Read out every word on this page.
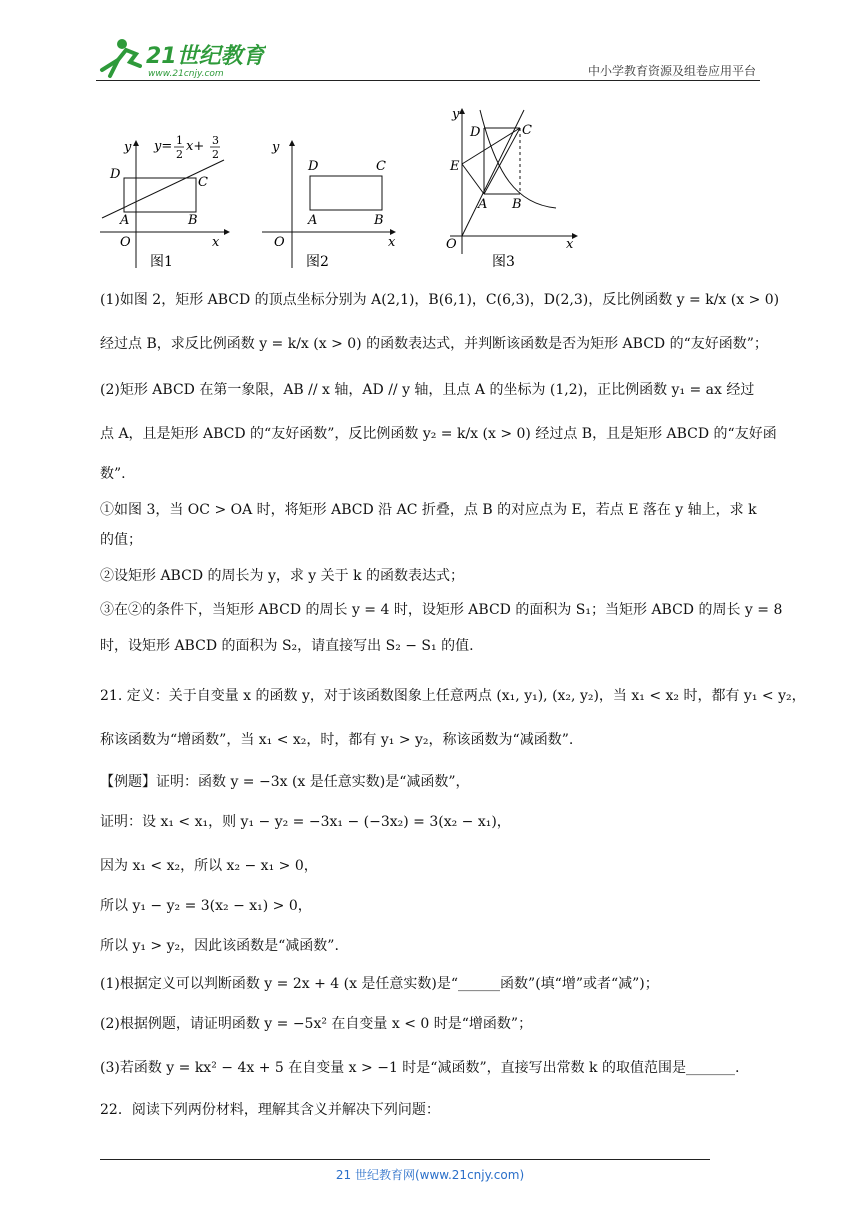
21世纪教育
www.21cnjy.com	中小学教育资源及组卷应用平台
y
x
O
D
A	B
C
y= 1
2
x+ 3
2
图1
y
x
O
D	C
A	B
图2
y
x
O
D	C
E
A B
图3
(1)如图 2，矩形 ABCD 的顶点坐标分别为 A(2,1)，B(6,1)，C(6,3)，D(2,3)，反比例函数 y = k/x (x > 0)
经过点 B，求反比例函数 y = k/x (x > 0) 的函数表达式，并判断该函数是否为矩形 ABCD 的“友好函数”；
(2)矩形 ABCD 在第一象限，AB // x 轴，AD // y 轴，且点 A 的坐标为 (1,2)，正比例函数 y₁ = ax 经过
点 A，且是矩形 ABCD 的“友好函数”，反比例函数 y₂ = k/x (x > 0) 经过点 B，且是矩形 ABCD 的“友好函
数”.
①如图 3，当 OC > OA 时，将矩形 ABCD 沿 AC 折叠，点 B 的对应点为 E，若点 E 落在 y 轴上，求 k
的值；
②设矩形 ABCD 的周长为 y，求 y 关于 k 的函数表达式；
③在②的条件下，当矩形 ABCD 的周长 y = 4 时，设矩形 ABCD 的面积为 S₁；当矩形 ABCD 的周长 y = 8
时，设矩形 ABCD 的面积为 S₂，请直接写出 S₂ − S₁ 的值.
21. 定义：关于自变量 x 的函数 y，对于该函数图象上任意两点 (x₁, y₁), (x₂, y₂)，当 x₁ < x₂ 时，都有 y₁ < y₂，
称该函数为“增函数”，当 x₁ < x₂，时，都有 y₁ > y₂，称该函数为“减函数”.
【例题】证明：函数 y = −3x (x 是任意实数)是“减函数”，
证明：设 x₁ < x₁，则 y₁ − y₂ = −3x₁ − (−3x₂) = 3(x₂ − x₁)，
因为 x₁ < x₂，所以 x₂ − x₁ > 0，
所以 y₁ − y₂ = 3(x₂ − x₁) > 0，
所以 y₁ > y₂，因此该函数是“减函数”.
(1)根据定义可以判断函数 y = 2x + 4 (x 是任意实数)是“______函数”(填“增”或者“减”)；
(2)根据例题，请证明函数 y = −5x² 在自变量 x < 0 时是“增函数”；
(3)若函数 y = kx² − 4x + 5 在自变量 x > −1 时是“减函数”，直接写出常数 k 的取值范围是_______.
22．阅读下列两份材料，理解其含义并解决下列问题：
21 世纪教育网(www.21cnjy.com)
